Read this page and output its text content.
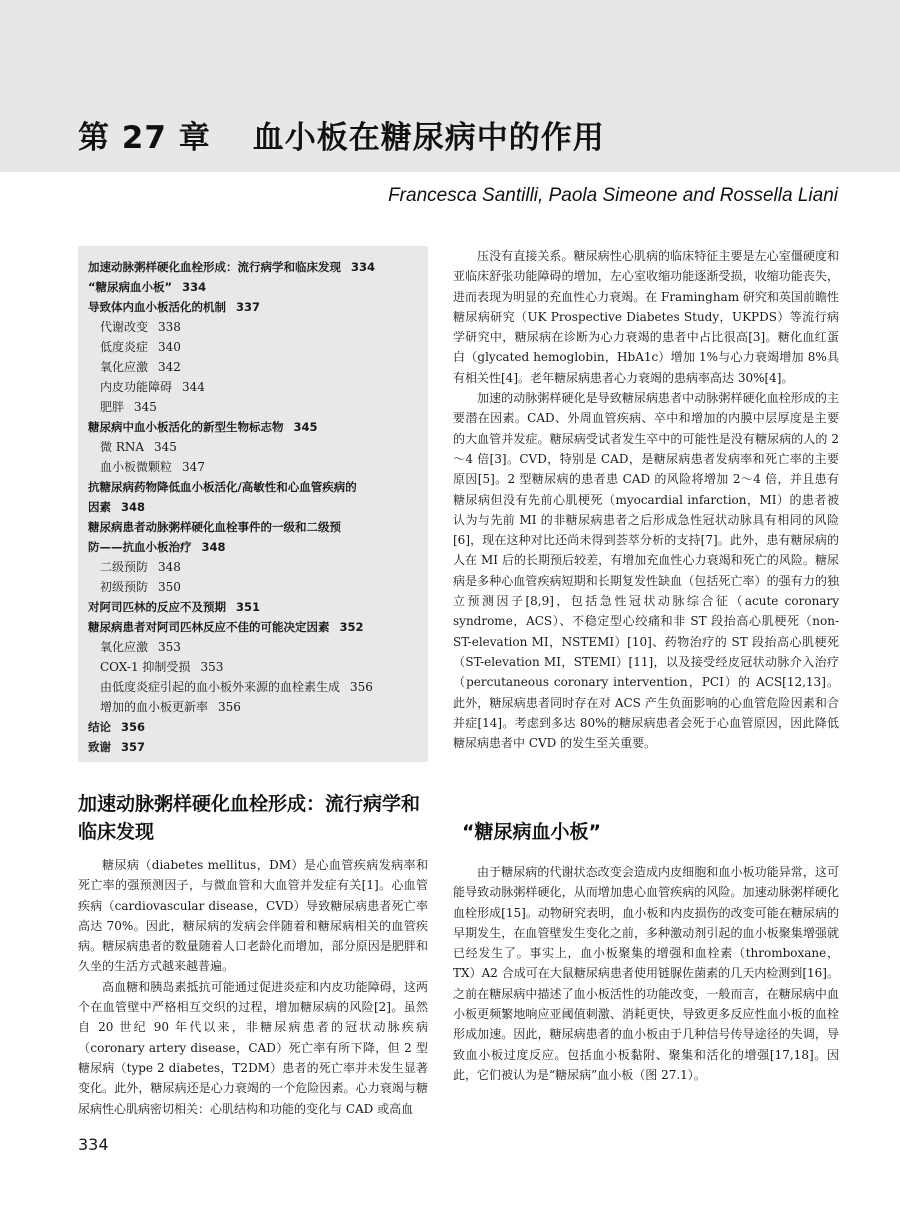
第 27 章 血小板在糖尿病中的作用
Francesca Santilli, Paola Simeone and Rossella Liani
加速动脉粥样硬化血栓形成：流行病学和临床发现 334
“糖尿病血小板” 334
导致体内血小板活化的机制 337
代谢改变 338
低度炎症 340
氧化应激 342
内皮功能障碍 344
肥胖 345
糖尿病中血小板活化的新型生物标志物 345
微 RNA 345
血小板微颗粒 347
抗糖尿病药物降低血小板活化/高敏性和心血管疾病的
因素 348
糖尿病患者动脉粥样硬化血栓事件的一级和二级预
防——抗血小板治疗 348
二级预防 348
初级预防 350
对阿司匹林的反应不及预期 351
糖尿病患者对阿司匹林反应不佳的可能决定因素 352
氧化应激 353
COX-1 抑制受损 353
由低度炎症引起的血小板外来源的血栓素生成 356
增加的血小板更新率 356
结论 356
致谢 357

压没有直接关系。糖尿病性心肌病的临床特征主要是左心室僵硬度和亚临床舒张功能障碍的增加，左心室收缩功能逐渐受损，收缩功能丧失，进而表现为明显的充血性心力衰竭。在 Framingham 研究和英国前瞻性糖尿病研究（UK Prospective Diabetes Study，UKPDS）等流行病学研究中，糖尿病在诊断为心力衰竭的患者中占比很高[3]。糖化血红蛋白（glycated hemoglobin，HbA1c）增加 1%与心力衰竭增加 8%具有相关性[4]。老年糖尿病患者心力衰竭的患病率高达 30%[4]。

加速的动脉粥样硬化是导致糖尿病患者中动脉粥样硬化血栓形成的主要潜在因素。CAD、外周血管疾病、卒中和增加的内膜中层厚度是主要的大血管并发症。糖尿病受试者发生卒中的可能性是没有糖尿病的人的 2～4 倍[3]。CVD，特别是 CAD，是糖尿病患者发病率和死亡率的主要原因[5]。2 型糖尿病的患者患 CAD 的风险将增加 2～4 倍，并且患有糖尿病但没有先前心肌梗死（myocardial infarction，MI）的患者被认为与先前 MI 的非糖尿病患者之后形成急性冠状动脉具有相同的风险[6]，现在这种对比还尚未得到荟萃分析的支持[7]。此外，患有糖尿病的人在 MI 后的长期预后较差，有增加充血性心力衰竭和死亡的风险。糖尿病是多种心血管疾病短期和长期复发性缺血（包括死亡率）的强有力的独立预测因子[8,9]，包括急性冠状动脉综合征（acute coronary syndrome，ACS）、不稳定型心绞痛和非 ST 段抬高心肌梗死（non-ST-elevation MI，NSTEMI）[10]、药物治疗的 ST 段抬高心肌梗死（ST-elevation MI，STEMI）[11]，以及接受经皮冠状动脉介入治疗（percutaneous coronary intervention，PCI）的 ACS[12,13]。此外，糖尿病患者同时存在对 ACS 产生负面影响的心血管危险因素和合并症[14]。考虑到多达 80%的糖尿病患者会死于心血管原因，因此降低糖尿病患者中 CVD 的发生至关重要。

加速动脉粥样硬化血栓形成：流行病学和临床发现

糖尿病（diabetes mellitus，DM）是心血管疾病发病率和死亡率的强预测因子，与微血管和大血管并发症有关[1]。心血管疾病（cardiovascular disease，CVD）导致糖尿病患者死亡率高达 70%。因此，糖尿病的发病会伴随着和糖尿病相关的血管疾病。糖尿病患者的数量随着人口老龄化而增加，部分原因是肥胖和久坐的生活方式越来越普遍。

高血糖和胰岛素抵抗可能通过促进炎症和内皮功能障碍，这两个在血管壁中严格相互交织的过程，增加糖尿病的风险[2]。虽然自 20 世纪 90 年代以来，非糖尿病患者的冠状动脉疾病（coronary artery disease，CAD）死亡率有所下降，但 2 型糖尿病（type 2 diabetes，T2DM）患者的死亡率并未发生显著变化。此外，糖尿病还是心力衰竭的一个危险因素。心力衰竭与糖尿病性心肌病密切相关：心肌结构和功能的变化与 CAD 或高血

“糖尿病血小板”

由于糖尿病的代谢状态改变会造成内皮细胞和血小板功能异常，这可能导致动脉粥样硬化，从而增加患心血管疾病的风险。加速动脉粥样硬化血栓形成[15]。动物研究表明，血小板和内皮损伤的改变可能在糖尿病的早期发生，在血管壁发生变化之前，多种激动剂引起的血小板聚集增强就已经发生了。事实上，血小板聚集的增强和血栓素（thromboxane，TX）A2 合成可在大鼠糖尿病患者使用链脲佐菌素的几天内检测到[16]。之前在糖尿病中描述了血小板活性的功能改变，一般而言，在糖尿病中血小板更频繁地响应亚阈值刺激、消耗更快，导致更多反应性血小板的血栓形成加速。因此，糖尿病患者的血小板由于几种信号传导途径的失调，导致血小板过度反应。包括血小板黏附、聚集和活化的增强[17,18]。因此，它们被认为是“糖尿病”血小板（图 27.1）。

334
